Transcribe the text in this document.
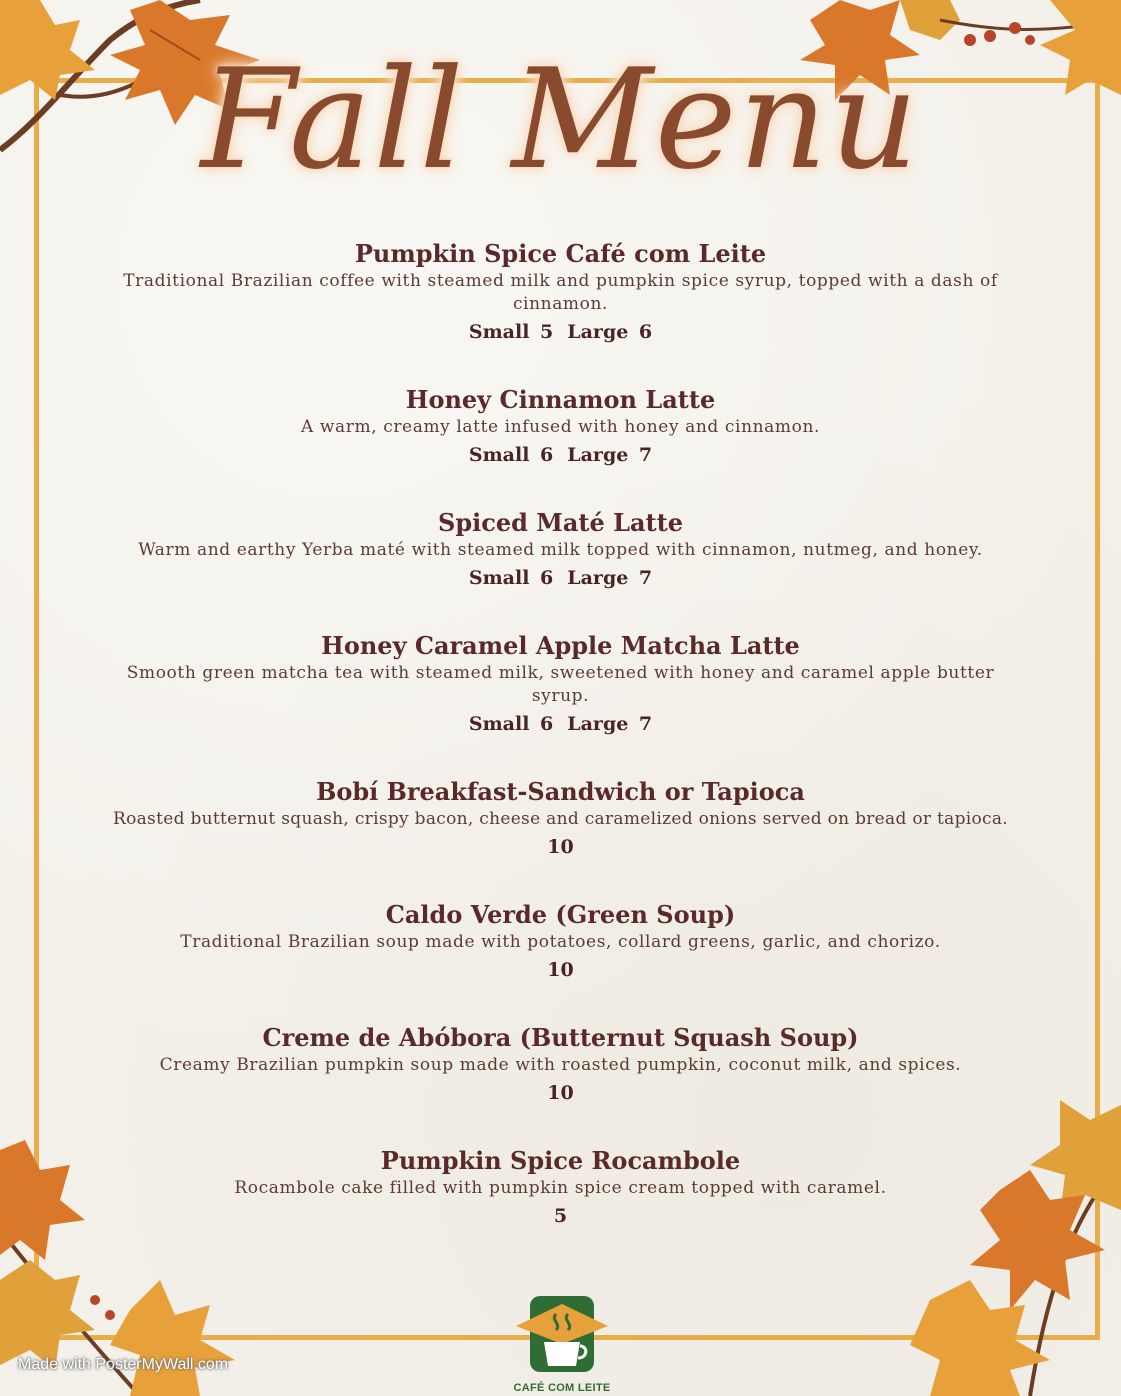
Fall Menu
Pumpkin Spice Café com Leite
Traditional Brazilian coffee with steamed milk and pumpkin spice syrup, topped with a dash of cinnamon.
Small 5 Large 6
Honey Cinnamon Latte
A warm, creamy latte infused with honey and cinnamon.
Small 6 Large 7
Spiced Maté Latte
Warm and earthy Yerba maté with steamed milk topped with cinnamon, nutmeg, and honey.
Small 6 Large 7
Honey Caramel Apple Matcha Latte
Smooth green matcha tea with steamed milk, sweetened with honey and caramel apple butter syrup.
Small 6 Large 7
Bobí Breakfast-Sandwich or Tapioca
Roasted butternut squash, crispy bacon, cheese and caramelized onions served on bread or tapioca.
10
Caldo Verde (Green Soup)
Traditional Brazilian soup made with potatoes, collard greens, garlic, and chorizo.
10
Creme de Abóbora (Butternut Squash Soup)
Creamy Brazilian pumpkin soup made with roasted pumpkin, coconut milk, and spices.
10
Pumpkin Spice Rocambole
Rocambole cake filled with pumpkin spice cream topped with caramel.
5
CAFÉ COM LEITE
Made with PosterMyWall.com
